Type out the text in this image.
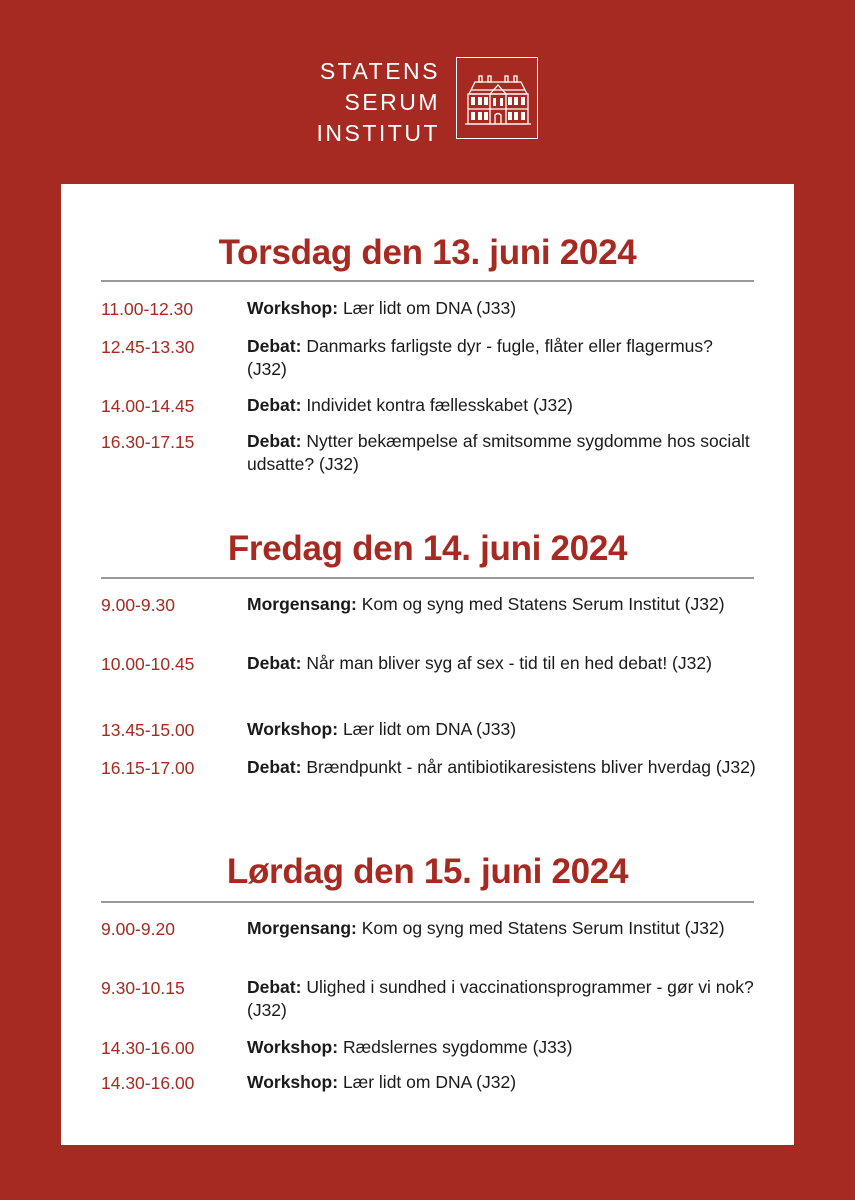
STATENS
SERUM
INSTITUT
Torsdag den 13. juni 2024
11.00-12.30	Workshop: Lær lidt om DNA (J33)
12.45-13.30	Debat: Danmarks farligste dyr - fugle, flåter eller flagermus? (J32)
14.00-14.45	Debat: Individet kontra fællesskabet (J32)
16.30-17.15	Debat: Nytter bekæmpelse af smitsomme sygdomme hos socialt udsatte? (J32)
Fredag den 14. juni 2024
9.00-9.30	Morgensang: Kom og syng med Statens Serum Institut (J32)
10.00-10.45	Debat: Når man bliver syg af sex - tid til en hed debat! (J32)
13.45-15.00	Workshop: Lær lidt om DNA (J33)
16.15-17.00	Debat: Brændpunkt - når antibiotikaresistens bliver hverdag (J32)
Lørdag den 15. juni 2024
9.00-9.20	Morgensang: Kom og syng med Statens Serum Institut (J32)
9.30-10.15	Debat: Ulighed i sundhed i vaccinationsprogrammer - gør vi nok? (J32)
14.30-16.00	Workshop: Rædslernes sygdomme (J33)
14.30-16.00	Workshop: Lær lidt om DNA (J32)
